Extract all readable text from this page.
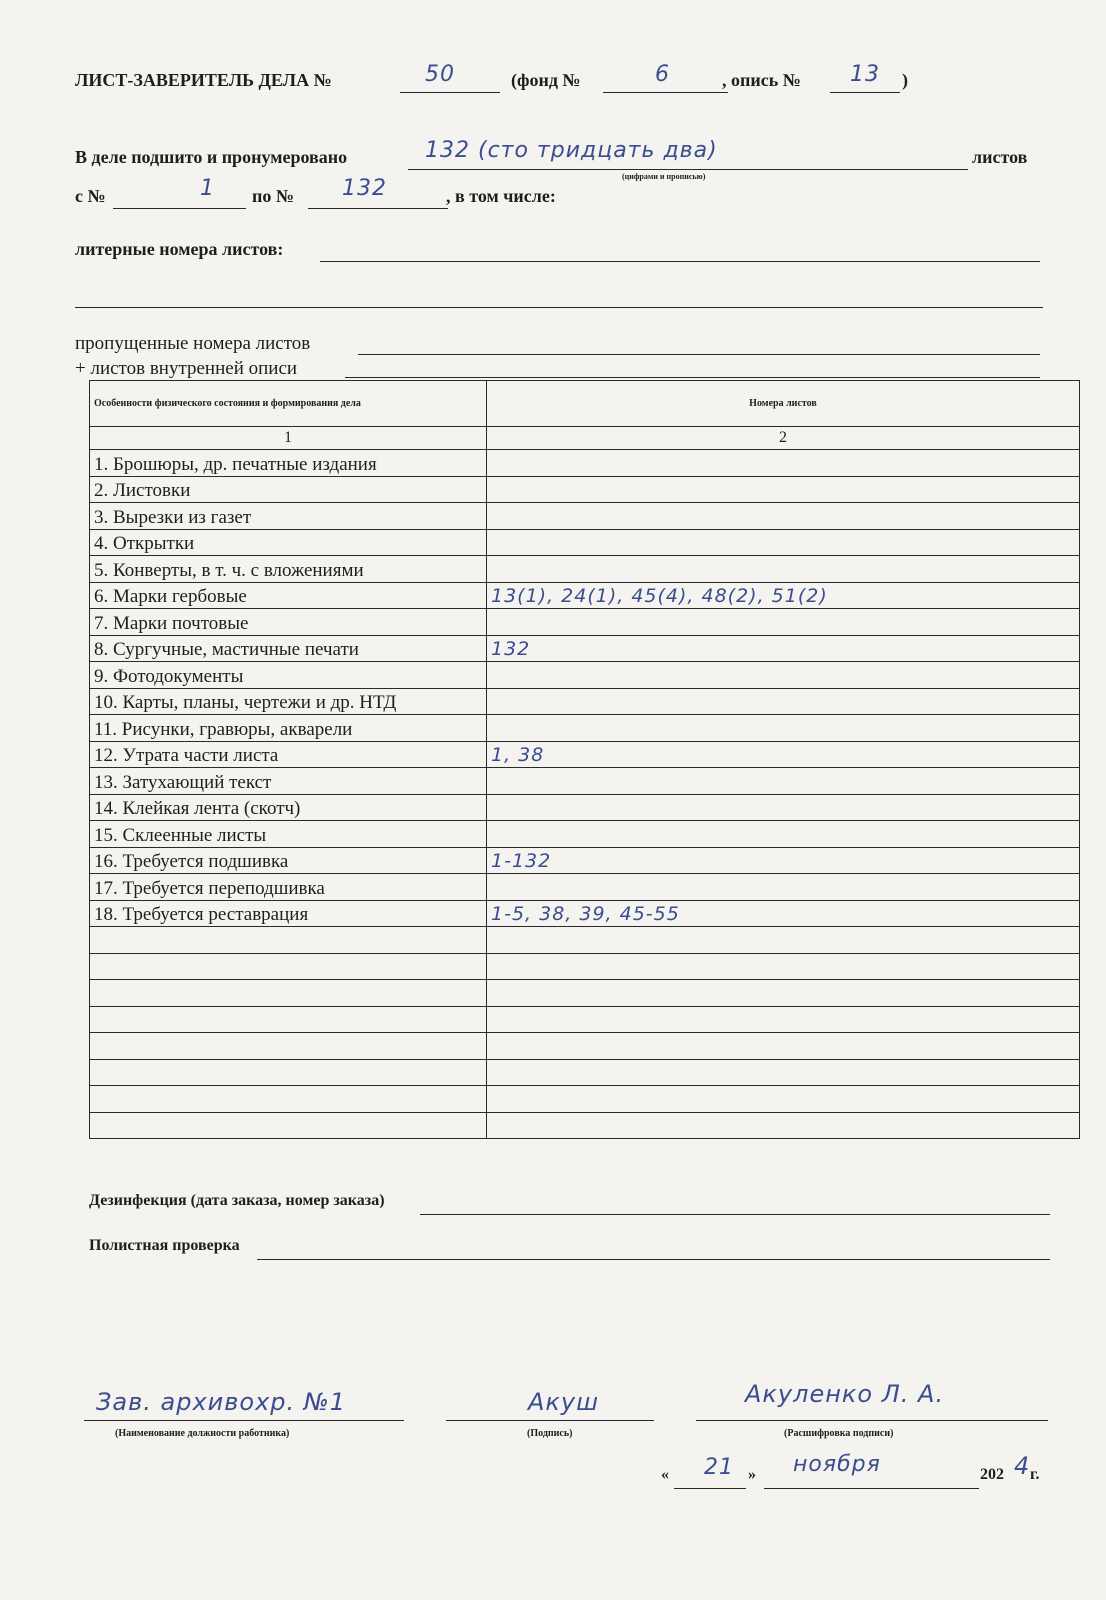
ЛИСТ-ЗАВЕРИТЕЛЬ ДЕЛА №	50	(фонд №	6	, опись № 13 )
В деле подшито и пронумеровано	132 (сто тридцать два)
(цифрами и прописью)
листов
с №	1 по № 132	, в том числе:
литерные номера листов:
пропущенные номера листов
+ листов внутренней описи
Особенности физического состояния и формирования дела	Номера листов
1	2
1. Брошюры, др. печатные издания	
2. Листовки	
3. Вырезки из газет	
4. Открытки	
5. Конверты, в т. ч. с вложениями	
6. Марки гербовые	13(1), 24(1), 45(4), 48(2), 51(2)
7. Марки почтовые	
8. Сургучные, мастичные печати	132
9. Фотодокументы	
10. Карты, планы, чертежи и др. НТД	
11. Рисунки, гравюры, акварели	
12. Утрата части листа	1, 38
13. Затухающий текст	
14. Клейкая лента (скотч)	
15. Склеенные листы	
16. Требуется подшивка	1-132
17. Требуется переподшивка	
18. Требуется реставрация	1-5, 38, 39, 45-55

Дезинфекция (дата заказа, номер заказа)
Полистная проверка
Зав. архивохр. №1
(Наименование должности работника)
Акуш
(Подпись)
Акуленко Л. А.
(Расшифровка подписи)
« 21 » ноября	202 4 г.
